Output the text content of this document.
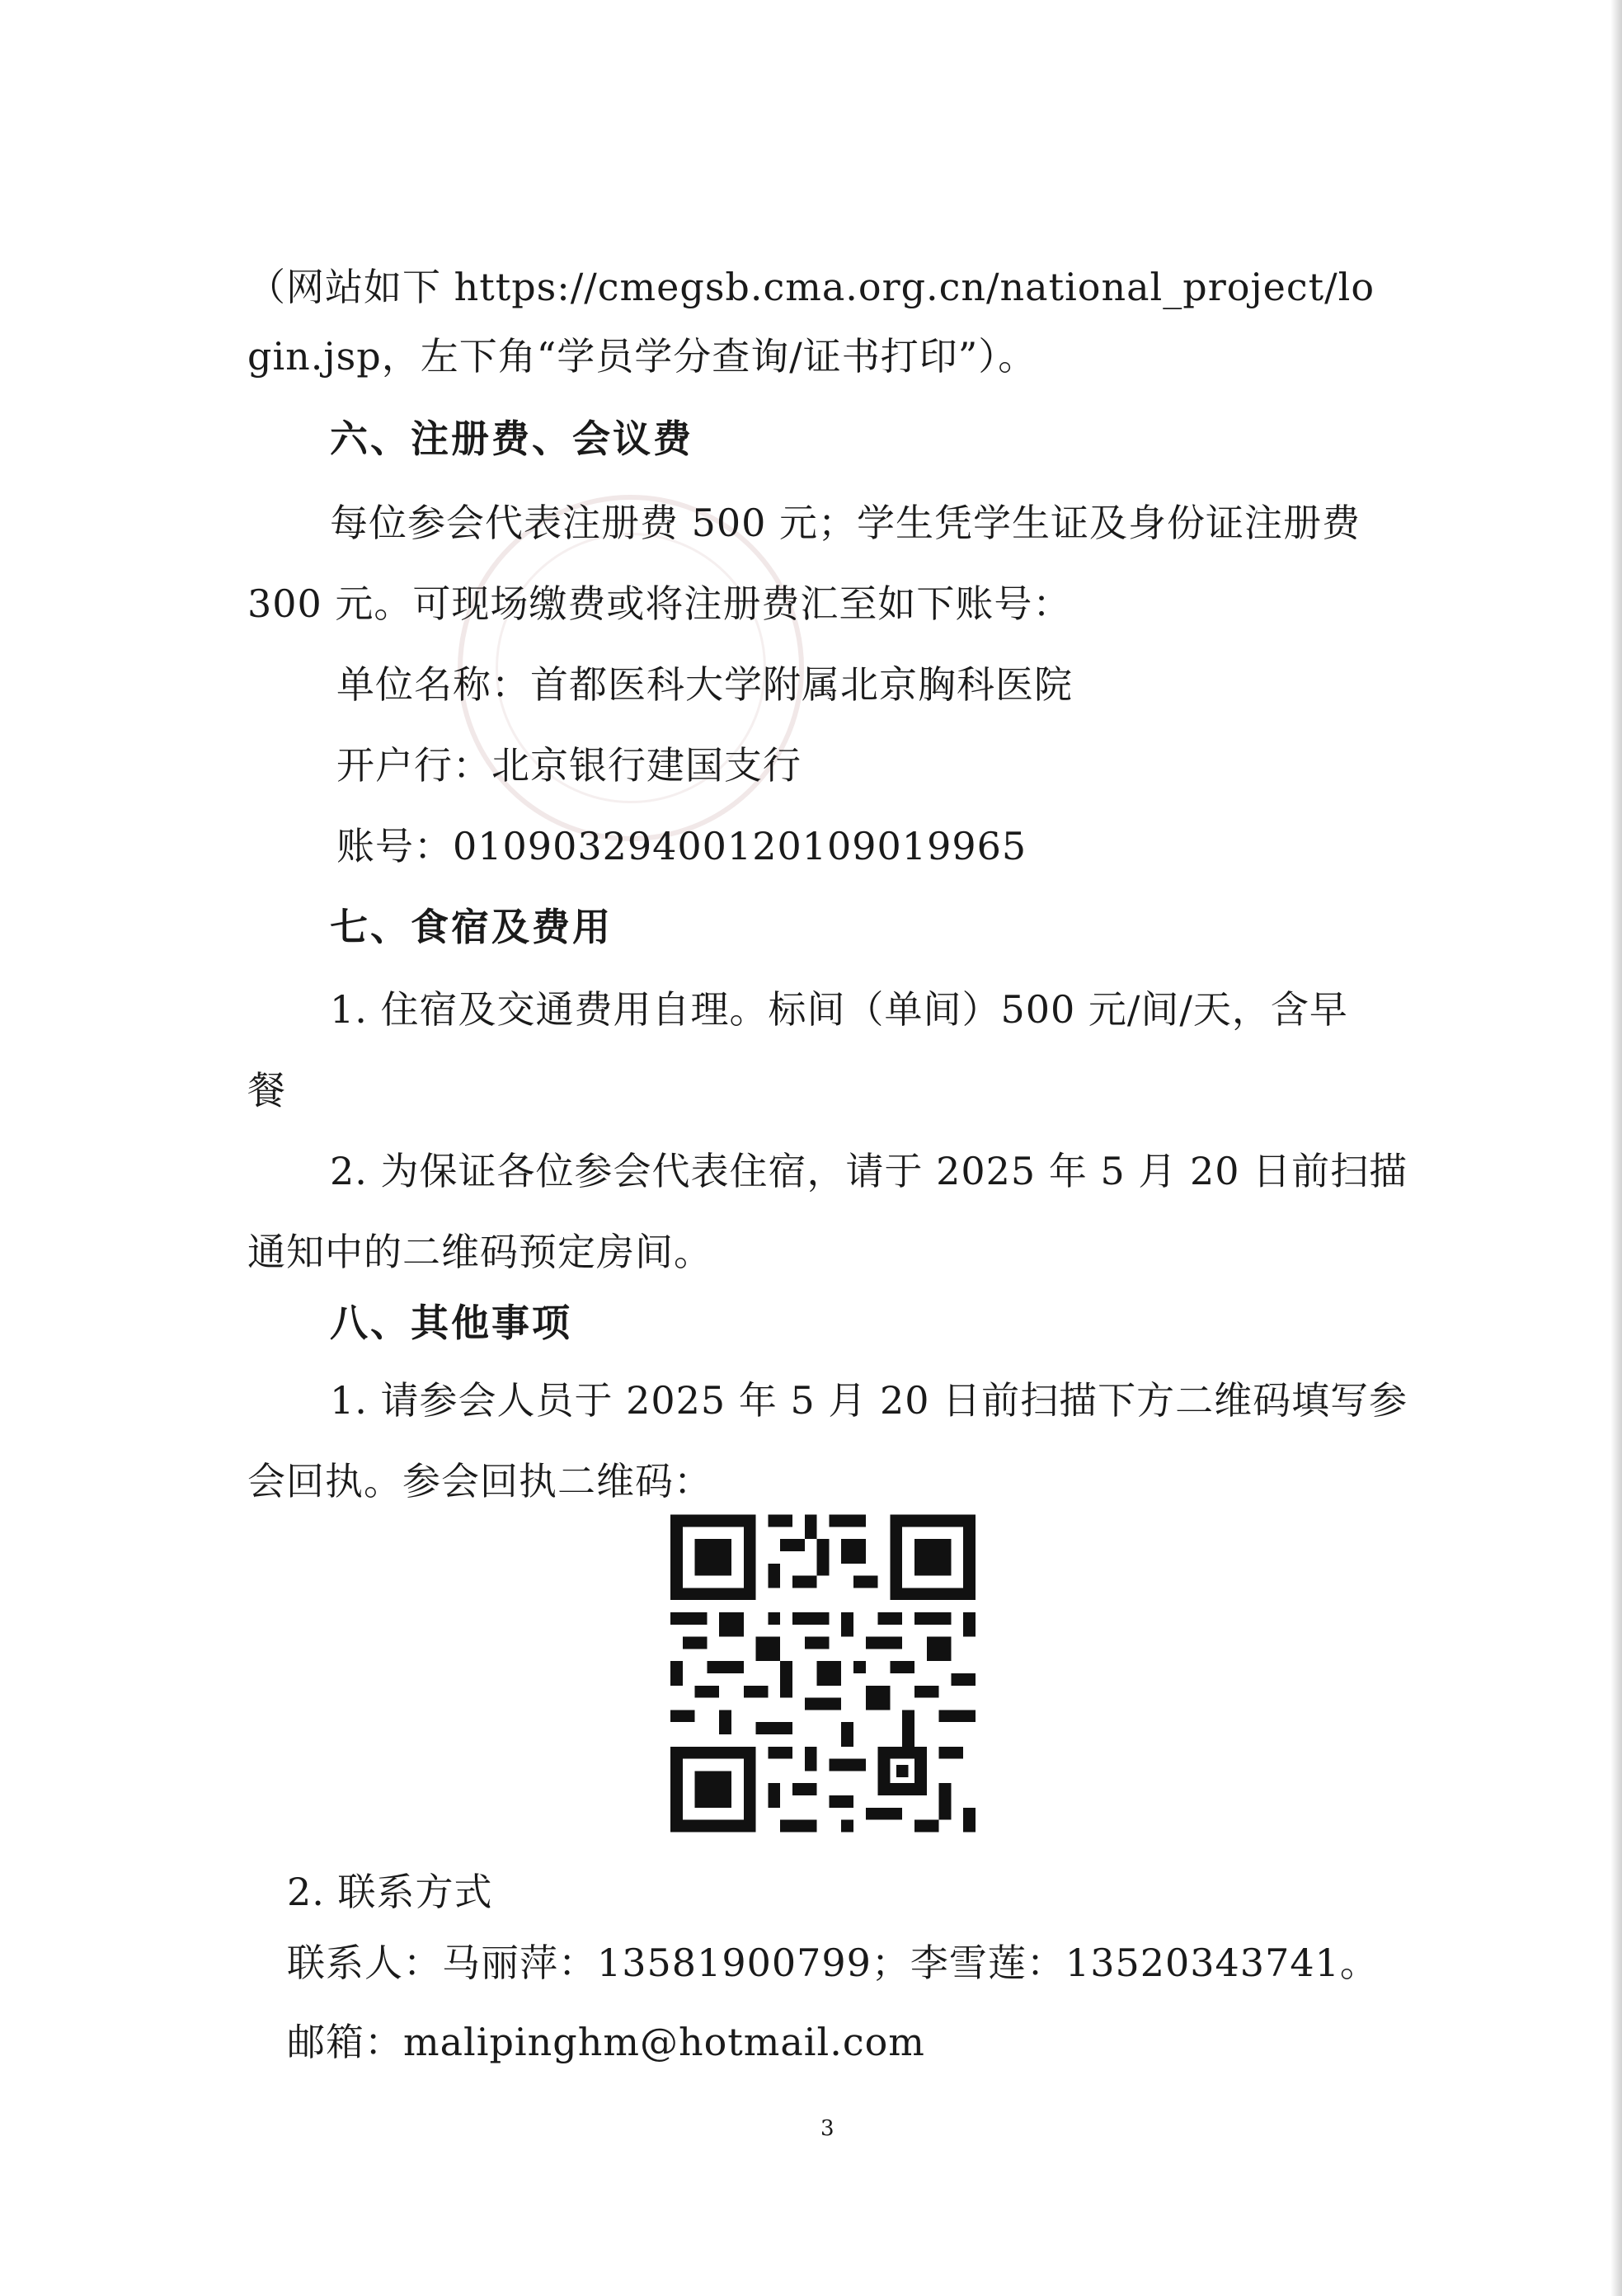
（网站如下 https://cmegsb.cma.org.cn/national_project/lo
gin.jsp，左下角“学员学分查询/证书打印”）。
六、注册费、会议费
每位参会代表注册费 500 元；学生凭学生证及身份证注册费
300 元。可现场缴费或将注册费汇至如下账号：
单位名称：首都医科大学附属北京胸科医院
开户行：北京银行建国支行
账号：01090329400120109019965
七、食宿及费用
1. 住宿及交通费用自理。标间（单间）500 元/间/天，含早
餐
2. 为保证各位参会代表住宿，请于 2025 年 5 月 20 日前扫描
通知中的二维码预定房间。
八、其他事项
1. 请参会人员于 2025 年 5 月 20 日前扫描下方二维码填写参
会回执。参会回执二维码：
2. 联系方式
联系人：马丽萍：13581900799；李雪莲：13520343741。
邮箱：malipinghm@hotmail.com
3
